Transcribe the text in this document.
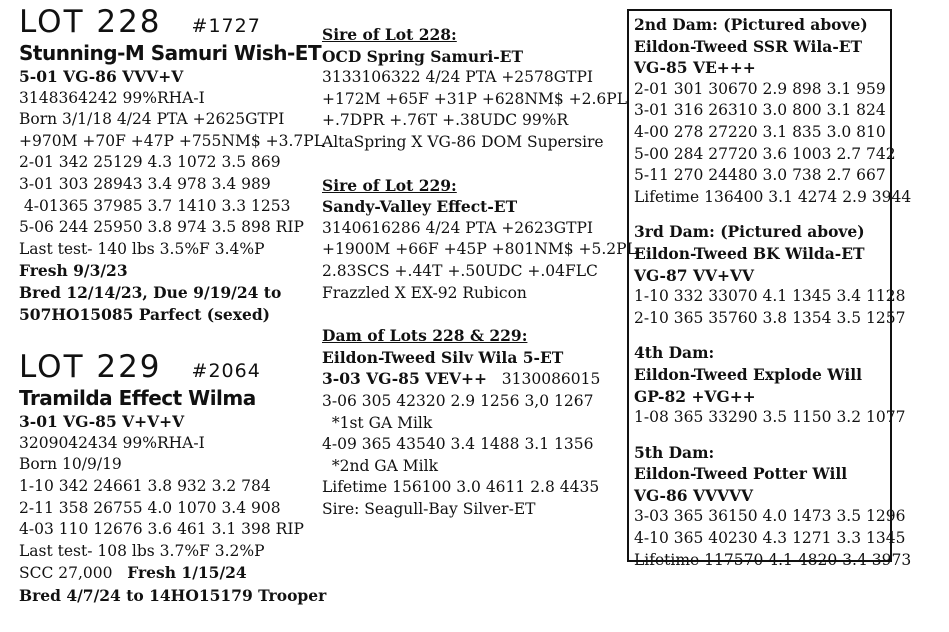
LOT 228 #1727
Stunning-M Samuri Wish-ET
5-01 VG-86 VVV+V
3148364242 99%RHA-I
Born 3/1/18 4/24 PTA +2625GTPI
+970M +70F +47P +755NM$ +3.7PL
2-01 342 25129 4.3 1072 3.5 869
3-01 303 28943 3.4 978 3.4 989
4-01365 37985 3.7 1410 3.3 1253
5-06 244 25950 3.8 974 3.5 898 RIP
Last test- 140 lbs 3.5%F 3.4%P
Fresh 9/3/23
Bred 12/14/23, Due 9/19/24 to
507HO15085 Parfect (sexed)
LOT 229 #2064
Tramilda Effect Wilma
3-01 VG-85 V+V+V
3209042434 99%RHA-I
Born 10/9/19
1-10 342 24661 3.8 932 3.2 784
2-11 358 26755 4.0 1070 3.4 908
4-03 110 12676 3.6 461 3.1 398 RIP
Last test- 108 lbs 3.7%F 3.2%P
SCC 27,000 Fresh 1/15/24
Bred 4/7/24 to 14HO15179 Trooper
Sire of Lot 228:
OCD Spring Samuri-ET
3133106322 4/24 PTA +2578GTPI
+172M +65F +31P +628NM$ +2.6PL
+.7DPR +.76T +.38UDC 99%R
AltaSpring X VG-86 DOM Supersire
Sire of Lot 229:
Sandy-Valley Effect-ET
3140616286 4/24 PTA +2623GTPI
+1900M +66F +45P +801NM$ +5.2PL
2.83SCS +.44T +.50UDC +.04FLC
Frazzled X EX-92 Rubicon
Dam of Lots 228 & 229:
Eildon-Tweed Silv Wila 5-ET
3-03 VG-85 VEV++ 3130086015
3-06 305 42320 2.9 1256 3,0 1267
*1st GA Milk
4-09 365 43540 3.4 1488 3.1 1356
*2nd GA Milk
Lifetime 156100 3.0 4611 2.8 4435
Sire: Seagull-Bay Silver-ET
2nd Dam: (Pictured above)
Eildon-Tweed SSR Wila-ET
VG-85 VE+++
2-01 301 30670 2.9 898 3.1 959
3-01 316 26310 3.0 800 3.1 824
4-00 278 27220 3.1 835 3.0 810
5-00 284 27720 3.6 1003 2.7 742
5-11 270 24480 3.0 738 2.7 667
Lifetime 136400 3.1 4274 2.9 3944
3rd Dam: (Pictured above)
Eildon-Tweed BK Wilda-ET
VG-87 VV+VV
1-10 332 33070 4.1 1345 3.4 1128
2-10 365 35760 3.8 1354 3.5 1257
4th Dam:
Eildon-Tweed Explode Will
GP-82 +VG++
1-08 365 33290 3.5 1150 3.2 1077
5th Dam:
Eildon-Tweed Potter Will
VG-86 VVVVV
3-03 365 36150 4.0 1473 3.5 1296
4-10 365 40230 4.3 1271 3.3 1345
Lifetime 117570 4.1 4820 3.4 3973
